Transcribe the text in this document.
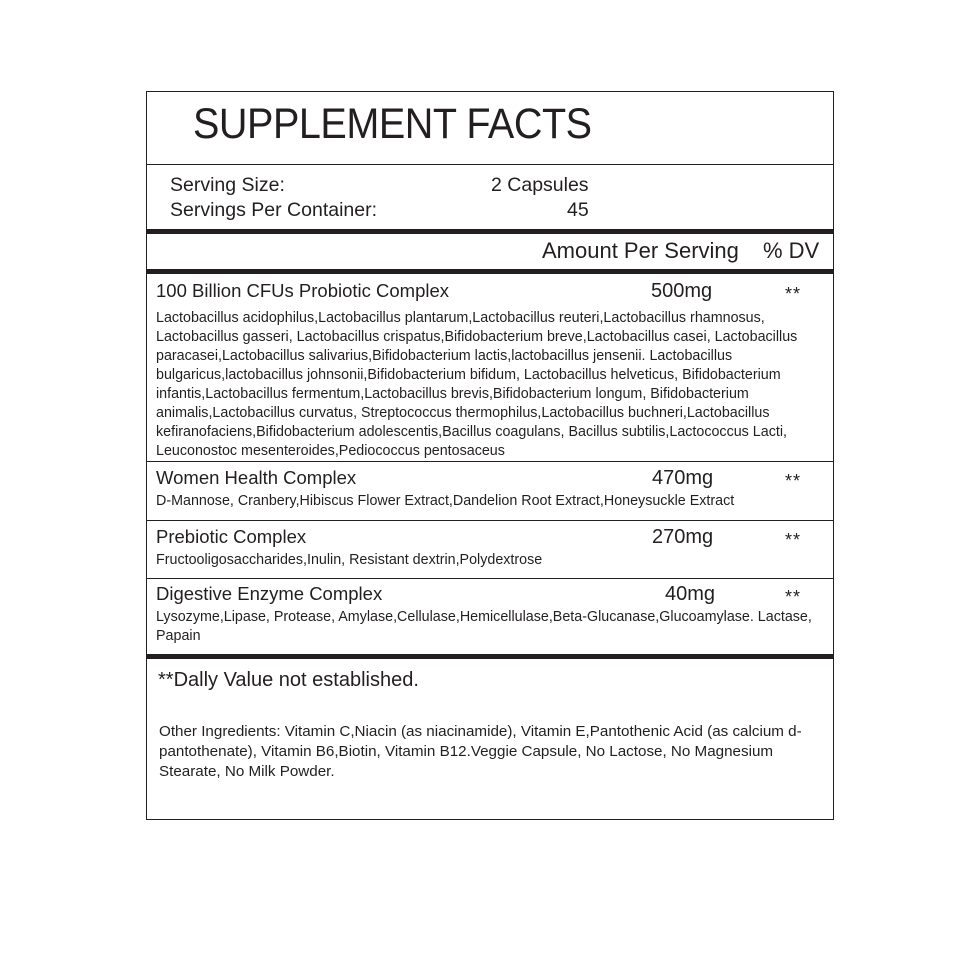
SUPPLEMENT FACTS
Serving Size:	2 Capsules
Servings Per Container:	45
Amount Per Serving % DV
100 Billion CFUs Probiotic Complex	500mg	**
Lactobacillus acidophilus,Lactobacillus plantarum,Lactobacillus reuteri,Lactobacillus rhamnosus, Lactobacillus gasseri, Lactobacillus crispatus,Bifidobacterium breve,Lactobacillus casei, Lactobacillus paracasei,Lactobacillus salivarius,Bifidobacterium lactis,lactobacillus jensenii. Lactobacillus bulgaricus,lactobacillus johnsonii,Bifidobacterium bifidum, Lactobacillus helveticus, Bifidobacterium infantis,Lactobacillus fermentum,Lactobacillus brevis,Bifidobacterium longum, Bifidobacterium animalis,Lactobacillus curvatus, Streptococcus thermophilus,Lactobacillus buchneri,Lactobacillus kefiranofaciens,Bifidobacterium adolescentis,Bacillus coagulans, Bacillus subtilis,Lactococcus Lacti, Leuconostoc mesenteroides,Pediococcus pentosaceus
Women Health Complex	470mg	**
D-Mannose, Cranbery,Hibiscus Flower Extract,Dandelion Root Extract,Honeysuckle Extract
Prebiotic Complex	270mg	**
Fructooligosaccharides,Inulin, Resistant dextrin,Polydextrose
Digestive Enzyme Complex	40mg	**
Lysozyme,Lipase, Protease, Amylase,Cellulase,Hemicellulase,Beta-Glucanase,Glucoamylase. Lactase, Papain
**Dally Value not established.
Other Ingredients: Vitamin C,Niacin (as niacinamide), Vitamin E,Pantothenic Acid (as calcium d-pantothenate), Vitamin B6,Biotin, Vitamin B12.Veggie Capsule, No Lactose, No Magnesium Stearate, No Milk Powder.
